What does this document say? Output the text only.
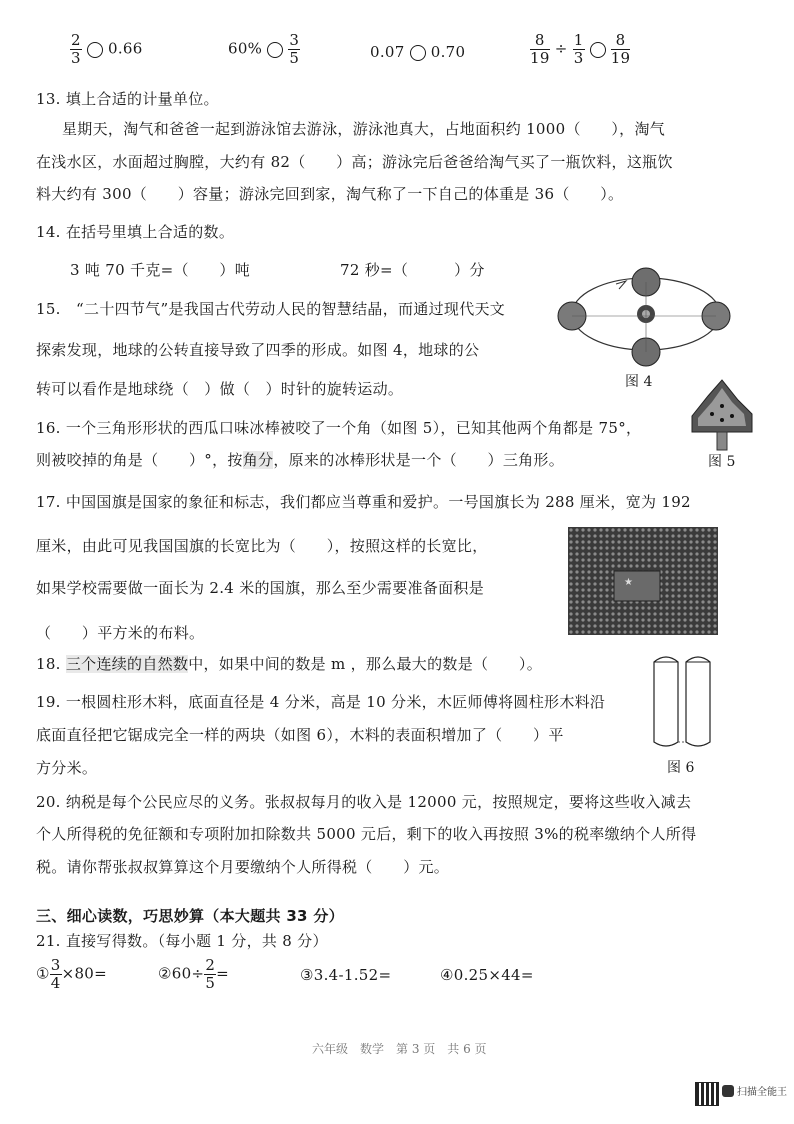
$\frac{2}{3} 0.66$	$60\% \frac{3}{5}$	0.07 0.70	$\frac{8}{19} \div \frac{1}{3}$
$\frac{8}{19}$
13. 填上合适的计量单位。
星期天，淘气和爸爸一起到游泳馆去游泳，游泳池真大，占地面积约 1000（　　），淘气
在浅水区，水面超过胸膛，大约有 82（　　）高；游泳完后爸爸给淘气买了一瓶饮料，这瓶饮
料大约有 300（　　）容量；游泳完回到家，淘气称了一下自己的体重是 36（　　）。
14. 在括号里填上合适的数。
3 吨 70 千克=（　　）吨	72 秒=（　　　）分
15.　“二十四节气”是我国古代劳动人民的智慧结晶，而通过现代天文
探索发现，地球的公转直接导致了四季的形成。如图 4，地球的公
转可以看作是地球绕（　）做（　）时针的旋转运动。	图 4
图 5
16. 一个三角形形状的西瓜口味冰棒被咬了一个角（如图 5），已知其他两个角都是 75°，
则被咬掉的角是（　　）°，按角分，原来的冰棒形状是一个（　　）三角形。
17. 中国国旗是国家的象征和标志，我们都应当尊重和爱护。一号国旗长为 288 厘米，宽为 192
厘米，由此可见我国国旗的长宽比为（　　），按照这样的长宽比，
如果学校需要做一面长为 2.4 米的国旗，那么至少需要准备面积是
（　　）平方米的布料。
★
18. 三个连续的自然数中，如果中间的数是 m ，那么最大的数是（　　）。
图 6
19. 一根圆柱形木料，底面直径是 4 分米，高是 10 分米，木匠师傅将圆柱形木料沿
底面直径把它锯成完全一样的两块（如图 6），木料的表面积增加了（　　）平
方分米。
20. 纳税是每个公民应尽的义务。张叔叔每月的收入是 12000 元，按照规定，要将这些收入减去
个人所得税的免征额和专项附加扣除数共 5000 元后，剩下的收入再按照 3%的税率缴纳个人所得
税。请你帮张叔叔算算这个月要缴纳个人所得税（　　）元。
三、细心读数，巧思妙算（本大题共 33 分）
21. 直接写得数。（每小题 1 分，共 8 分）
① $\frac{3}{4} \times 80=$	②60÷ $\frac{2}{5}$ =	③3.4-1.52=	④0.25×44=
六年级　数学　第 3 页　共 6 页
扫描全能王
